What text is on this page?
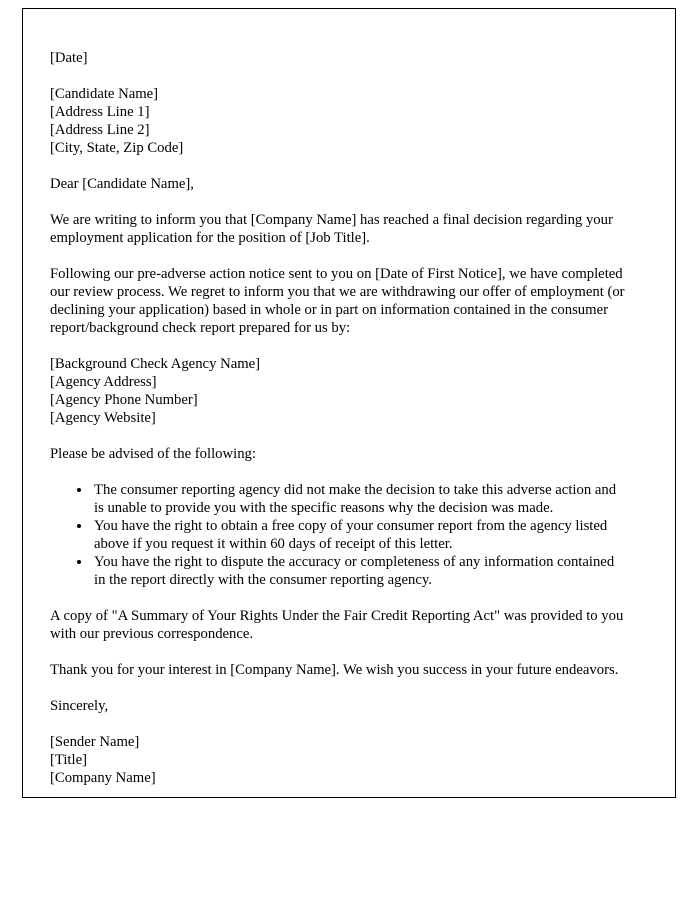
[Date]

[Candidate Name]
[Address Line 1]
[Address Line 2]
[City, State, Zip Code]

Dear [Candidate Name],

We are writing to inform you that [Company Name] has reached a final decision regarding your employment application for the position of [Job Title].

Following our pre-adverse action notice sent to you on [Date of First Notice], we have completed our review process. We regret to inform you that we are withdrawing our offer of employment (or declining your application) based in whole or in part on information contained in the consumer report/background check report prepared for us by:

[Background Check Agency Name]
[Agency Address]
[Agency Phone Number]
[Agency Website]

Please be advised of the following:

• The consumer reporting agency did not make the decision to take this adverse action and is unable to provide you with the specific reasons why the decision was made.
• You have the right to obtain a free copy of your consumer report from the agency listed above if you request it within 60 days of receipt of this letter.
• You have the right to dispute the accuracy or completeness of any information contained in the report directly with the consumer reporting agency.

A copy of "A Summary of Your Rights Under the Fair Credit Reporting Act" was provided to you with our previous correspondence.

Thank you for your interest in [Company Name]. We wish you success in your future endeavors.

Sincerely,

[Sender Name]
[Title]
[Company Name]
